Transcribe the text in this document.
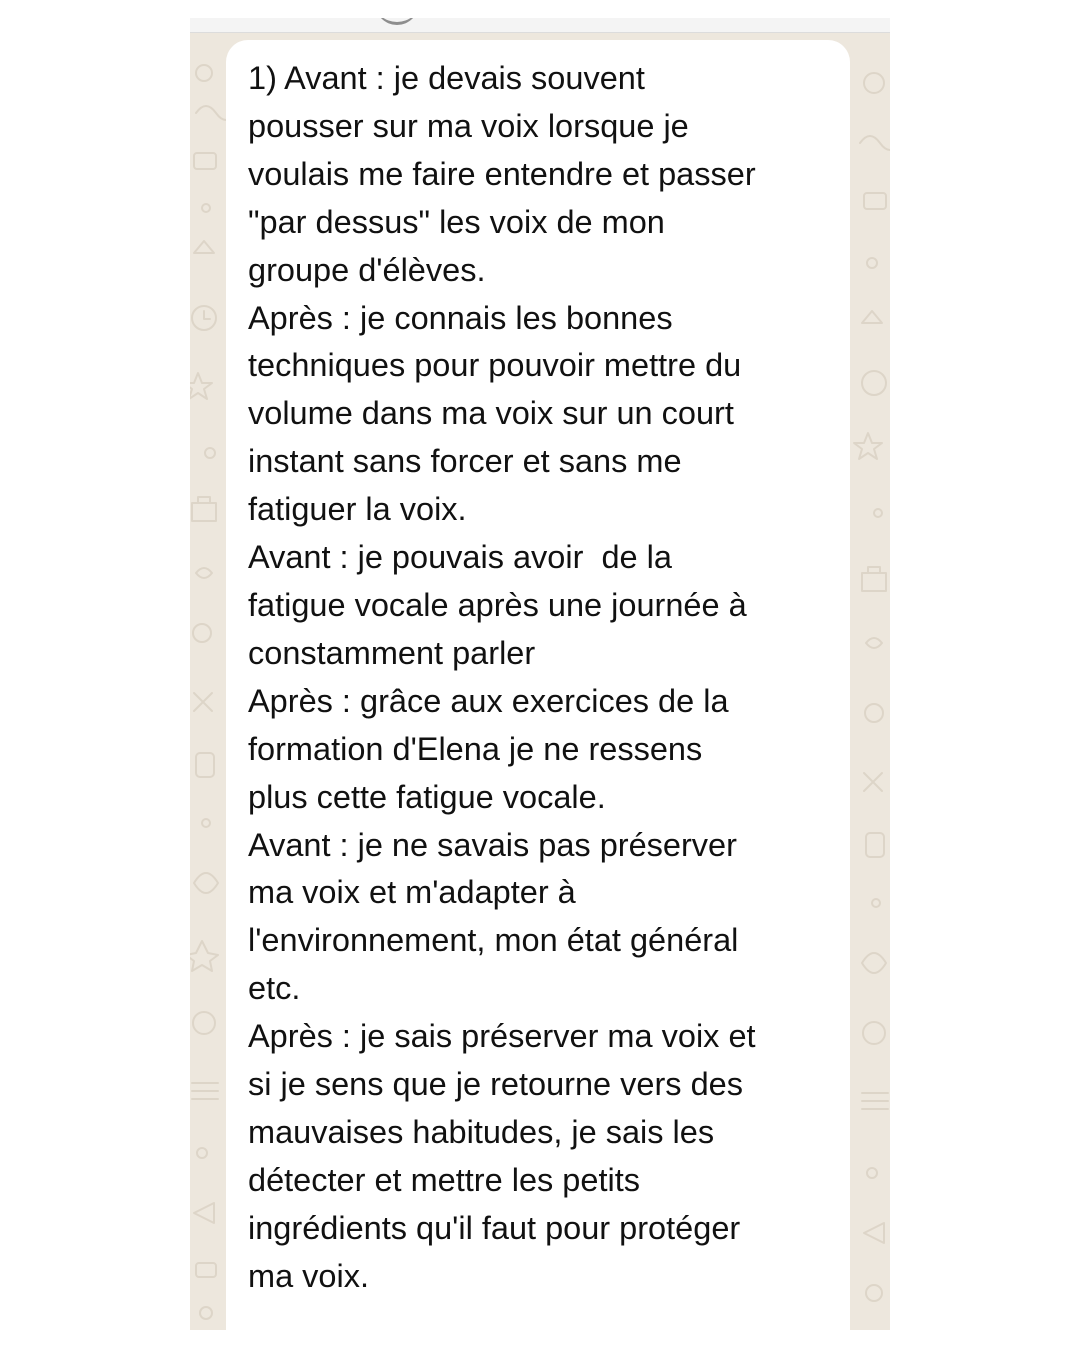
1) Avant : je devais souvent
pousser sur ma voix lorsque je
voulais me faire entendre et passer
"par dessus" les voix de mon
groupe d'élèves.
Après : je connais les bonnes
techniques pour pouvoir mettre du
volume dans ma voix sur un court
instant sans forcer et sans me
fatiguer la voix.
Avant : je pouvais avoir  de la
fatigue vocale après une journée à
constamment parler
Après : grâce aux exercices de la
formation d'Elena je ne ressens
plus cette fatigue vocale.
Avant : je ne savais pas préserver
ma voix et m'adapter à
l'environnement, mon état général
etc.
Après : je sais préserver ma voix et
si je sens que je retourne vers des
mauvaises habitudes, je sais les
détecter et mettre les petits
ingrédients qu'il faut pour protéger
ma voix.
